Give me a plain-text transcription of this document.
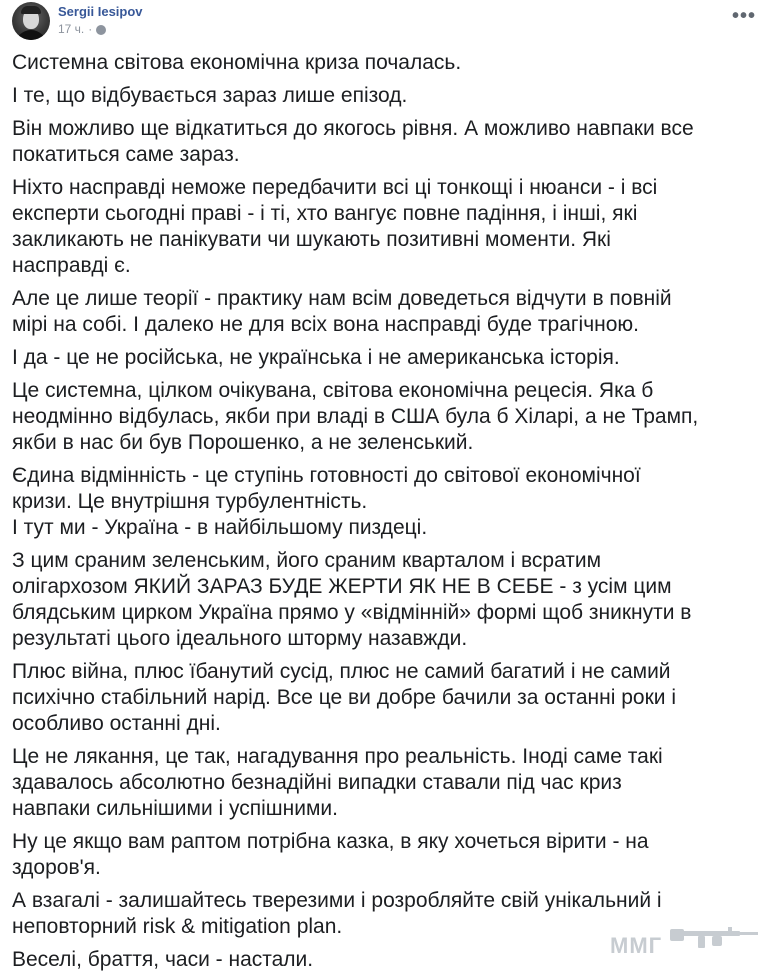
Sergii Iesipov
17 ч. ·
•••

Системна світова економічна криза почалась.

І те, що відбувається зараз лише епізод.

Він можливо ще відкатиться до якогось рівня. А можливо навпаки все
покатиться саме зараз.

Ніхто насправді неможе передбачити всі ці тонкощі і нюанси - і всі
експерти сьогодні праві - і ті, хто вангує повне падіння, і інші, які
закликають не панікувати чи шукають позитивні моменти. Які
насправді є.

Але це лише теорії - практику нам всім доведеться відчути в повній
мірі на собі. І далеко не для всіх вона насправді буде трагічною.

І да - це не російська, не українська і не американська історія.

Це системна, цілком очікувана, світова економічна рецесія. Яка б
неодмінно відбулась, якби при владі в США була б Хіларі, а не Трамп,
якби в нас би був Порошенко, а не зеленський.

Єдина відмінність - це ступінь готовності до світової економічної
кризи. Це внутрішня турбулентність.
І тут ми - Україна - в найбільшому пиздеці.

З цим сраним зеленським, його сраним кварталом і всратим
олігархозом ЯКИЙ ЗАРАЗ БУДЕ ЖЕРТИ ЯК НЕ В СЕБЕ - з усім цим
блядським цирком Україна прямо у «відмінній» формі щоб зникнути в
результаті цього ідеального шторму назавжди.

Плюс війна, плюс їбанутий сусід, плюс не самий багатий і не самий
психічно стабільний нарід. Все це ви добре бачили за останні роки і
особливо останні дні.

Це не лякання, це так, нагадування про реальність. Іноді саме такі
здавалось абсолютно безнадійні випадки ставали під час криз
навпаки сильнішими і успішними.

Ну це якщо вам раптом потрібна казка, в яку хочеться вірити - на
здоров'я.

А взагалі - залишайтесь тверезими і розробляйте свій унікальний і
неповторний risk & mitigation plan.

Веселі, браття, часи - настали.

ММГ
